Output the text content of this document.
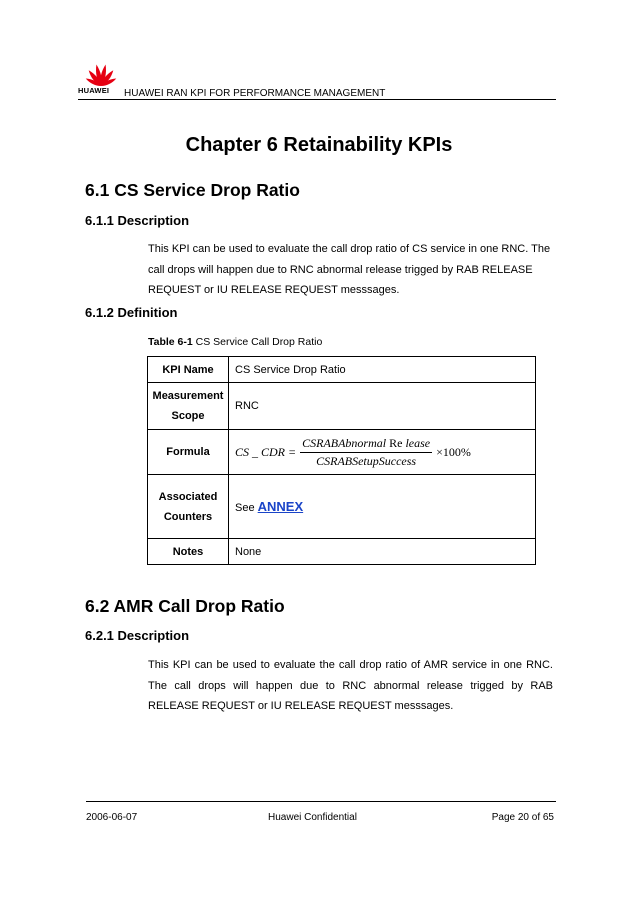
HUAWEI HUAWEI RAN KPI FOR PERFORMANCE MANAGEMENT
Chapter 6 Retainability KPIs
6.1 CS Service Drop Ratio
6.1.1 Description
This KPI can be used to evaluate the call drop ratio of CS service in one RNC. The call drops will happen due to RNC abnormal release trigged by RAB RELEASE REQUEST or IU RELEASE REQUEST messsages.
6.1.2 Definition
Table 6-1 CS Service Call Drop Ratio
KPI Name	CS Service Drop Ratio

Measurement
Scope	RNC
Formula	CS _ CDR = $\frac{\text{CSRABAbnormal Re lease}}{\text{CSRABSetupSuccess}} \times 100\%$

Associated
Counters	See ANNEX
Notes	None
6.2 AMR Call Drop Ratio
6.2.1 Description
This KPI can be used to evaluate the call drop ratio of AMR service in one RNC. The call drops will happen due to RNC abnormal release trigged by RAB RELEASE REQUEST or IU RELEASE REQUEST messsages.
2006-06-07	Huawei Confidential	Page 20 of 65
